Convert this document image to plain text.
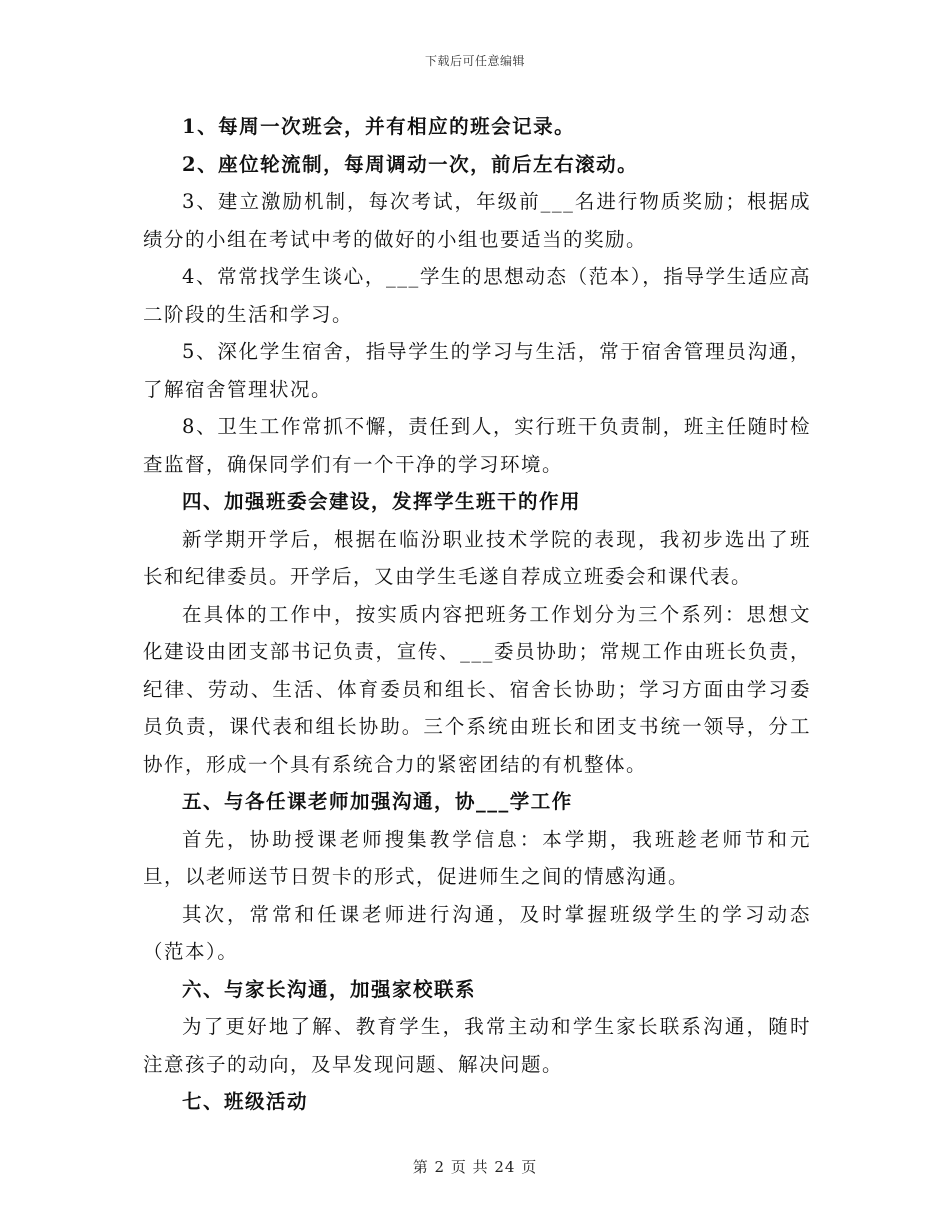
下载后可任意编辑

1、每周一次班会，并有相应的班会记录。

2、座位轮流制，每周调动一次，前后左右滚动。

3、建立激励机制，每次考试，年级前___名进行物质奖励；根据成绩分的小组在考试中考的做好的小组也要适当的奖励。

4、常常找学生谈心，___学生的思想动态（范本），指导学生适应高二阶段的生活和学习。

5、深化学生宿舍，指导学生的学习与生活，常于宿舍管理员沟通，了解宿舍管理状况。

8、卫生工作常抓不懈，责任到人，实行班干负责制，班主任随时检查监督，确保同学们有一个干净的学习环境。

四、加强班委会建设，发挥学生班干的作用

新学期开学后，根据在临汾职业技术学院的表现，我初步选出了班长和纪律委员。开学后，又由学生毛遂自荐成立班委会和课代表。

在具体的工作中，按实质内容把班务工作划分为三个系列：思想文化建设由团支部书记负责，宣传、___委员协助；常规工作由班长负责，纪律、劳动、生活、体育委员和组长、宿舍长协助；学习方面由学习委员负责，课代表和组长协助。三个系统由班长和团支书统一领导，分工协作，形成一个具有系统合力的紧密团结的有机整体。

五、与各任课老师加强沟通，协___学工作

首先，协助授课老师搜集教学信息：本学期，我班趁老师节和元旦，以老师送节日贺卡的形式，促进师生之间的情感沟通。

其次，常常和任课老师进行沟通，及时掌握班级学生的学习动态（范本）。

六、与家长沟通，加强家校联系

为了更好地了解、教育学生，我常主动和学生家长联系沟通，随时注意孩子的动向，及早发现问题、解决问题。

七、班级活动

第 2 页 共 24 页
